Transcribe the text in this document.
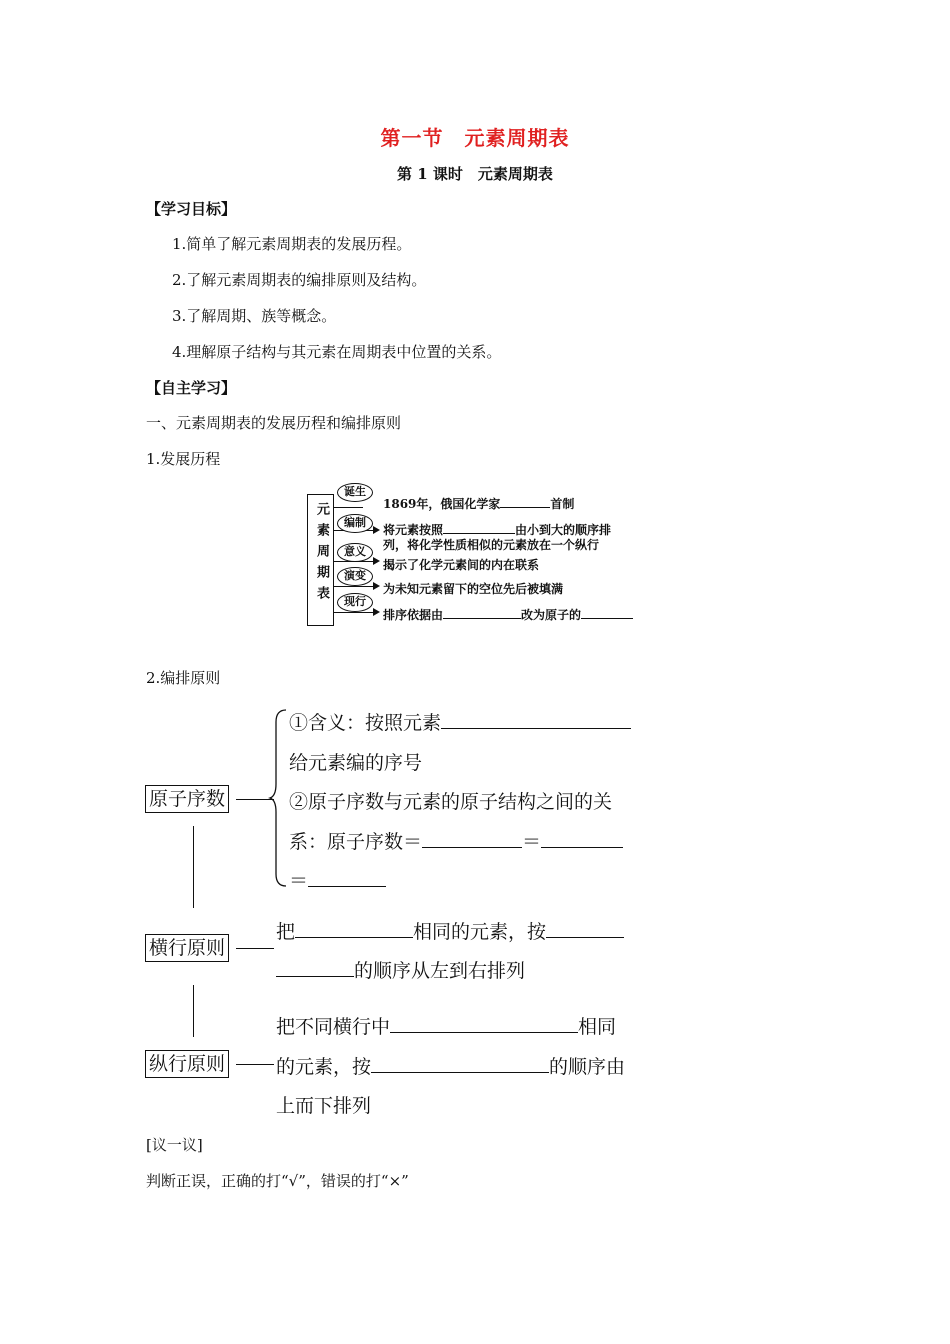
第一节　元素周期表
第 1 课时　元素周期表
【学习目标】
1.简单了解元素周期表的发展历程。
2.了解元素周期表的编排原则及结构。
3.了解周期、族等概念。
4.理解原子结构与其元素在周期表中位置的关系。
【自主学习】
一、元素周期表的发展历程和编排原则
1.发展历程
元素周期表
诞生
编制
意义
演变
现行
1869年，俄国化学家	首制
将元素按照	由小到大的顺序排
列，将化学性质相似的元素放在一个纵行
揭示了化学元素间的内在联系
为未知元素留下的空位先后被填满
排序依据由	改为原子的
2.编排原则
原子序数
①含义：按照元素
给元素编的序号
②原子序数与元素的原子结构之间的关
系：原子序数＝	＝
＝
横行原则
把	相同的元素，按
的顺序从左到右排列
纵行原则
把不同横行中	相同
的元素，按	的顺序由
上而下排列
[议一议]
判断正误，正确的打“√”，错误的打“×”
